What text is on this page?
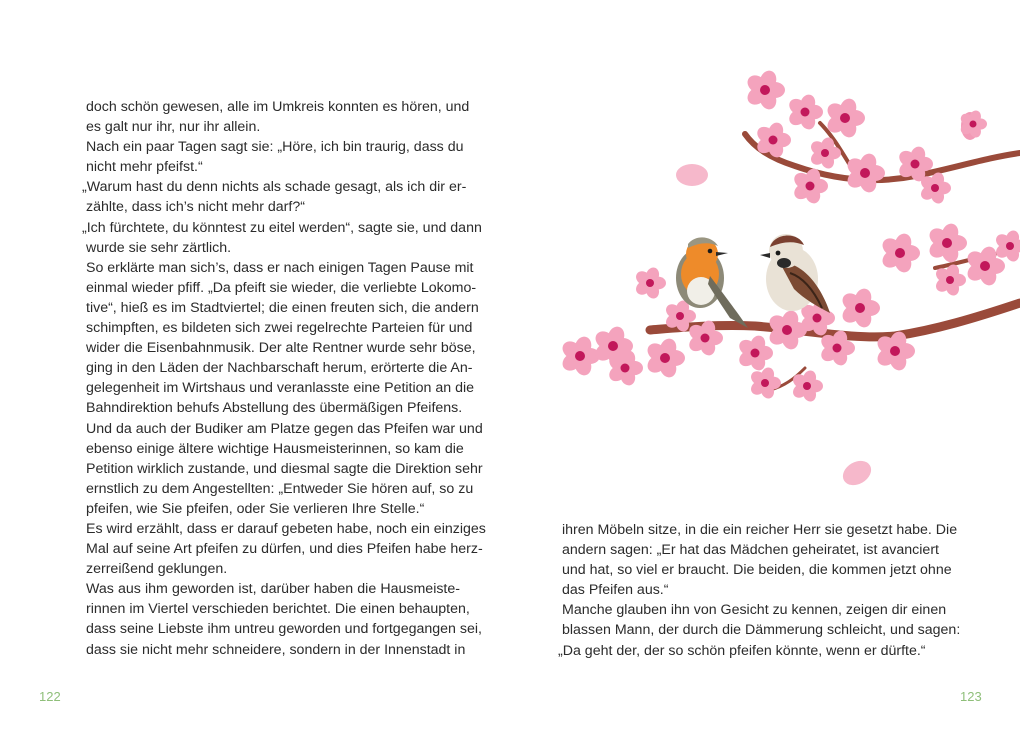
doch schön gewesen, alle im Umkreis konnten es hören, und
es galt nur ihr, nur ihr allein.
Nach ein paar Tagen sagt sie: „Höre, ich bin traurig, dass du
nicht mehr pfeifst.“
„Warum hast du denn nichts als schade gesagt, als ich dir er-
zählte, dass ich’s nicht mehr darf?“
„Ich fürchtete, du könntest zu eitel werden“, sagte sie, und dann
wurde sie sehr zärtlich.
So erklärte man sich’s, dass er nach einigen Tagen Pause mit
einmal wieder pfiff. „Da pfeift sie wieder, die verliebte Lokomo-
tive“, hieß es im Stadtviertel; die einen freuten sich, die andern
schimpften, es bildeten sich zwei regelrechte Parteien für und
wider die Eisenbahnmusik. Der alte Rentner wurde sehr böse,
ging in den Läden der Nachbarschaft herum, erörterte die An-
gelegenheit im Wirtshaus und veranlasste eine Petition an die
Bahndirektion behufs Abstellung des übermäßigen Pfeifens.
Und da auch der Budiker am Platze gegen das Pfeifen war und
ebenso einige ältere wichtige Hausmeisterinnen, so kam die
Petition wirklich zustande, und diesmal sagte die Direktion sehr
ernstlich zu dem Angestellten: „Entweder Sie hören auf, so zu
pfeifen, wie Sie pfeifen, oder Sie verlieren Ihre Stelle.“
Es wird erzählt, dass er darauf gebeten habe, noch ein einziges
Mal auf seine Art pfeifen zu dürfen, und dies Pfeifen habe herz-
zerreißend geklungen.
Was aus ihm geworden ist, darüber haben die Hausmeiste-
rinnen im Viertel verschieden berichtet. Die einen behaupten,
dass seine Liebste ihm untreu geworden und fortgegangen sei,
dass sie nicht mehr schneidere, sondern in der Innenstadt in
122	123
ihren Möbeln sitze, in die ein reicher Herr sie gesetzt habe. Die
andern sagen: „Er hat das Mädchen geheiratet, ist avanciert
und hat, so viel er braucht. Die beiden, die kommen jetzt ohne
das Pfeifen aus.“
Manche glauben ihn von Gesicht zu kennen, zeigen dir einen
blassen Mann, der durch die Dämmerung schleicht, und sagen:
„Da geht der, der so schön pfeifen könnte, wenn er dürfte.“
